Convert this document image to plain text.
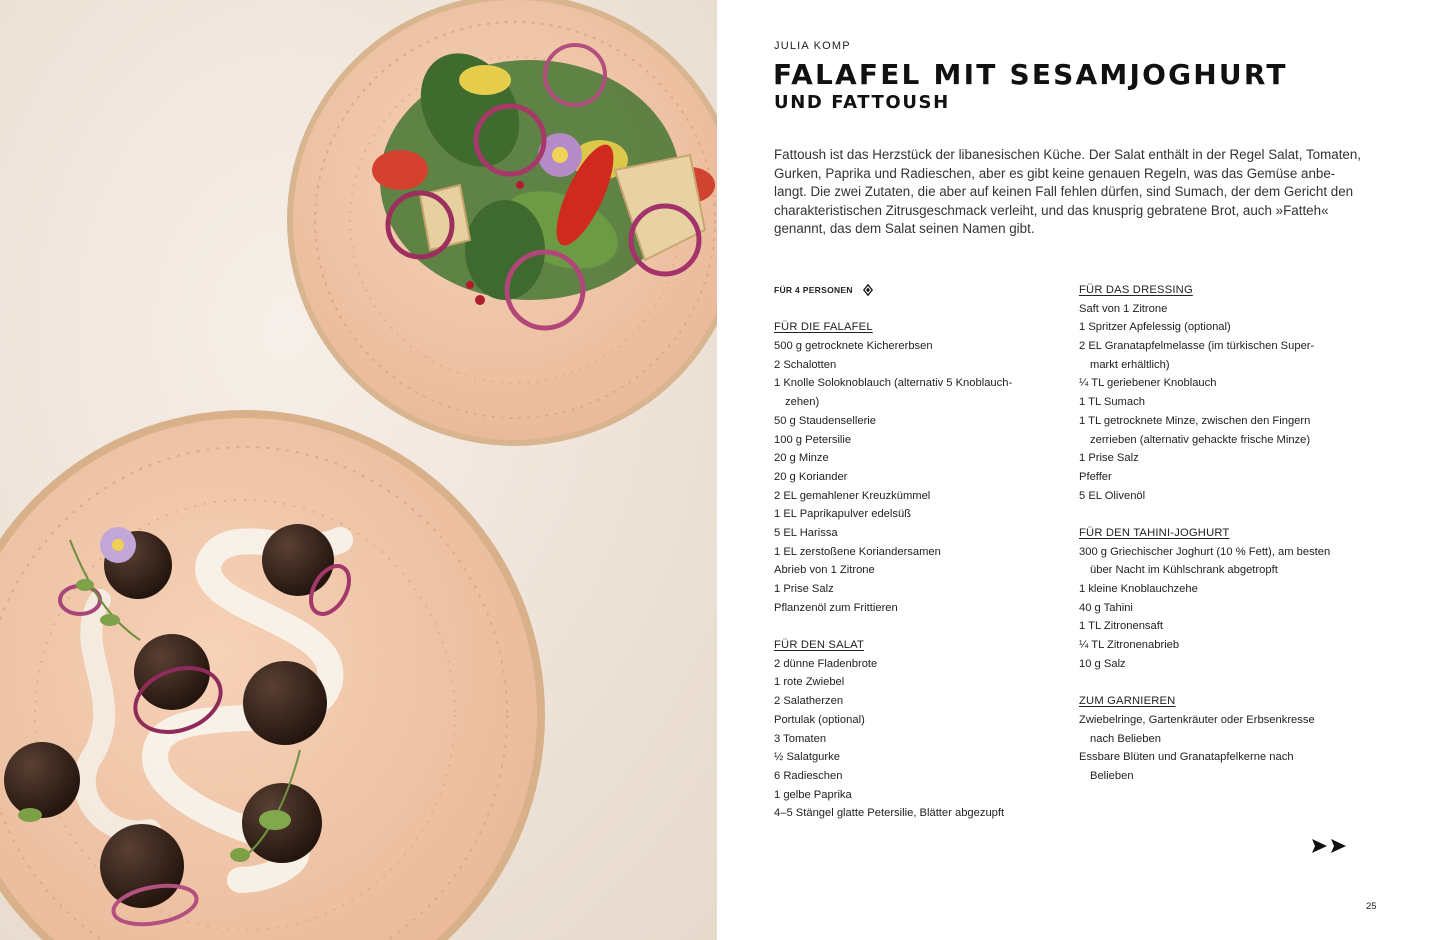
JULIA KOMP
FALAFEL MIT SESAMJOGHURT
UND FATTOUSH
Fattoush ist das Herzstück der libanesischen Küche. Der Salat enthält in der Regel Salat, Tomaten,
Gurken, Paprika und Radieschen, aber es gibt keine genauen Regeln, was das Gemüse anbe-
langt. Die zwei Zutaten, die aber auf keinen Fall fehlen dürfen, sind Sumach, der dem Gericht den
charakteristischen Zitrusgeschmack verleiht, und das knusprig gebratene Brot, auch »Fatteh«
genannt, das dem Salat seinen Namen gibt.
FÜR 4 PERSONEN
FÜR DIE FALAFEL
500 g getrocknete Kichererbsen
2 Schalotten
1 Knolle Soloknoblauch (alternativ 5 Knoblauch-
zehen)
50 g Staudensellerie
100 g Petersilie
20 g Minze
20 g Koriander
2 EL gemahlener Kreuzkümmel
1 EL Paprikapulver edelsüß
5 EL Harissa
1 EL zerstoßene Koriandersamen
Abrieb von 1 Zitrone
1 Prise Salz
Pflanzenöl zum Frittieren
FÜR DEN SALAT
2 dünne Fladenbrote
1 rote Zwiebel
2 Salatherzen
Portulak (optional)
3 Tomaten
½ Salatgurke
6 Radieschen
1 gelbe Paprika
4–5 Stängel glatte Petersilie, Blätter abgezupft
FÜR DAS DRESSING
Saft von 1 Zitrone
1 Spritzer Apfelessig (optional)
2 EL Granatapfelmelasse (im türkischen Super-
markt erhältlich)
¼ TL geriebener Knoblauch
1 TL Sumach
1 TL getrocknete Minze, zwischen den Fingern
zerrieben (alternativ gehackte frische Minze)
1 Prise Salz
Pfeffer
5 EL Olivenöl
FÜR DEN TAHINI-JOGHURT
300 g Griechischer Joghurt (10 % Fett), am besten
über Nacht im Kühlschrank abgetropft
1 kleine Knoblauchzehe
40 g Tahini
1 TL Zitronensaft
¼ TL Zitronenabrieb
10 g Salz
ZUM GARNIEREN
Zwiebelringe, Gartenkräuter oder Erbsenkresse
nach Belieben
Essbare Blüten und Granatapfelkerne nach
Belieben
25
